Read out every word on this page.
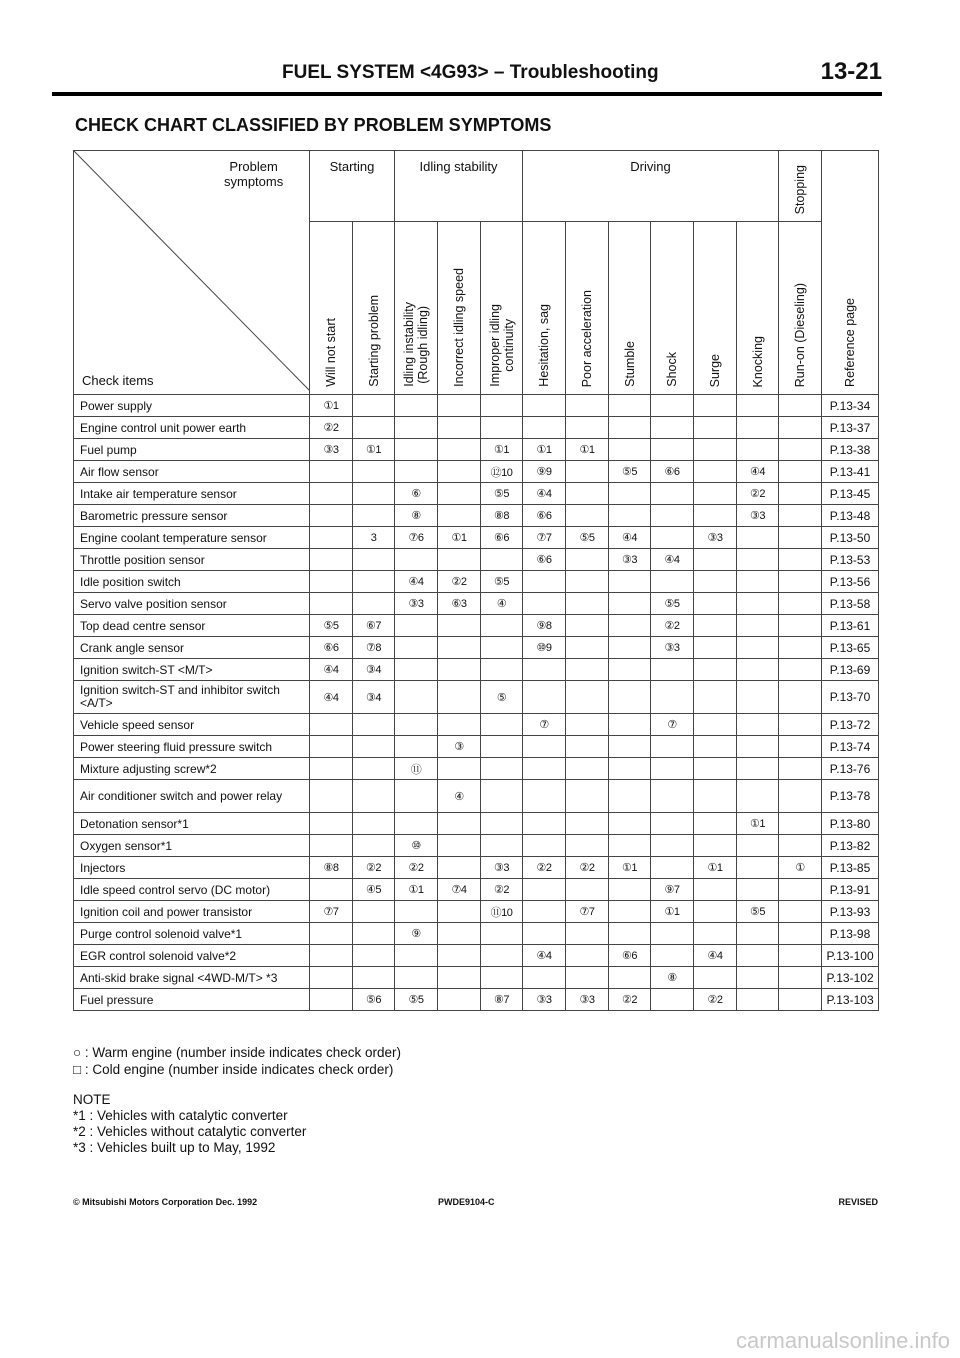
FUEL SYSTEM <4G93> – Troubleshooting	13-21
CHECK CHART CLASSIFIED BY PROBLEM SYMPTOMS
Problem
symptoms
Check items	Starting		Idling stability			Driving						Stopping	Reference page
	Will not start	Starting problem	Idling instability
(Rough idling)	Incorrect idling speed	Improper idling
continuity	Hesitation, sag	Poor acceleration	Stumble	Shock	Surge	Knocking	Run-on (Dieseling)	
Power supply	①1												P.13-34
Engine control unit power earth	②2												P.13-37
Fuel pump	③3	①1			①1	①1	①1						P.13-38
Air flow sensor					⑫10	⑨9		⑤5	⑥6		④4		P.13-41
Intake air temperature sensor			⑥		⑤5	④4					②2		P.13-45
Barometric pressure sensor			⑧		⑧8	⑥6					③3		P.13-48
Engine coolant temperature sensor		3	⑦6	①1	⑥6	⑦7	⑤5	④4		③3			P.13-50
Throttle position sensor						⑥6		③3	④4				P.13-53
Idle position switch			④4	②2	⑤5								P.13-56
Servo valve position sensor			③3	⑥3	④				⑤5				P.13-58
Top dead centre sensor	⑤5	⑥7				⑨8			②2				P.13-61
Crank angle sensor	⑥6	⑦8				⑩9			③3				P.13-65
Ignition switch-ST <M/T>	④4	③4											P.13-69
Ignition switch-ST and inhibitor switch <A/T>	④4	③4			⑤								P.13-70
Vehicle speed sensor						⑦			⑦				P.13-72
Power steering fluid pressure switch				③									P.13-74
Mixture adjusting screw*2			⑪										P.13-76
Air conditioner switch and power relay				④									P.13-78
Detonation sensor*1											①1		P.13-80
Oxygen sensor*1			⑩										P.13-82
Injectors	⑧8	②2	②2		③3	②2	②2	①1		①1		①	P.13-85
Idle speed control servo (DC motor)		④5	①1	⑦4	②2				⑨7				P.13-91
Ignition coil and power transistor	⑦7				⑪10		⑦7		①1		⑤5		P.13-93
Purge control solenoid valve*1			⑨										P.13-98
EGR control solenoid valve*2						④4		⑥6		④4			P.13-100
Anti-skid brake signal <4WD-M/T> *3									⑧				P.13-102
Fuel pressure		⑤6	⑤5		⑧7	③3	③3	②2		②2			P.13-103
○ : Warm engine (number inside indicates check order)
□ : Cold engine (number inside indicates check order)
NOTE
*1 : Vehicles with catalytic converter
*2 : Vehicles without catalytic converter
*3 : Vehicles built up to May, 1992
© Mitsubishi Motors Corporation Dec. 1992	PWDE9104-C	REVISED
carmanualsonline.info
